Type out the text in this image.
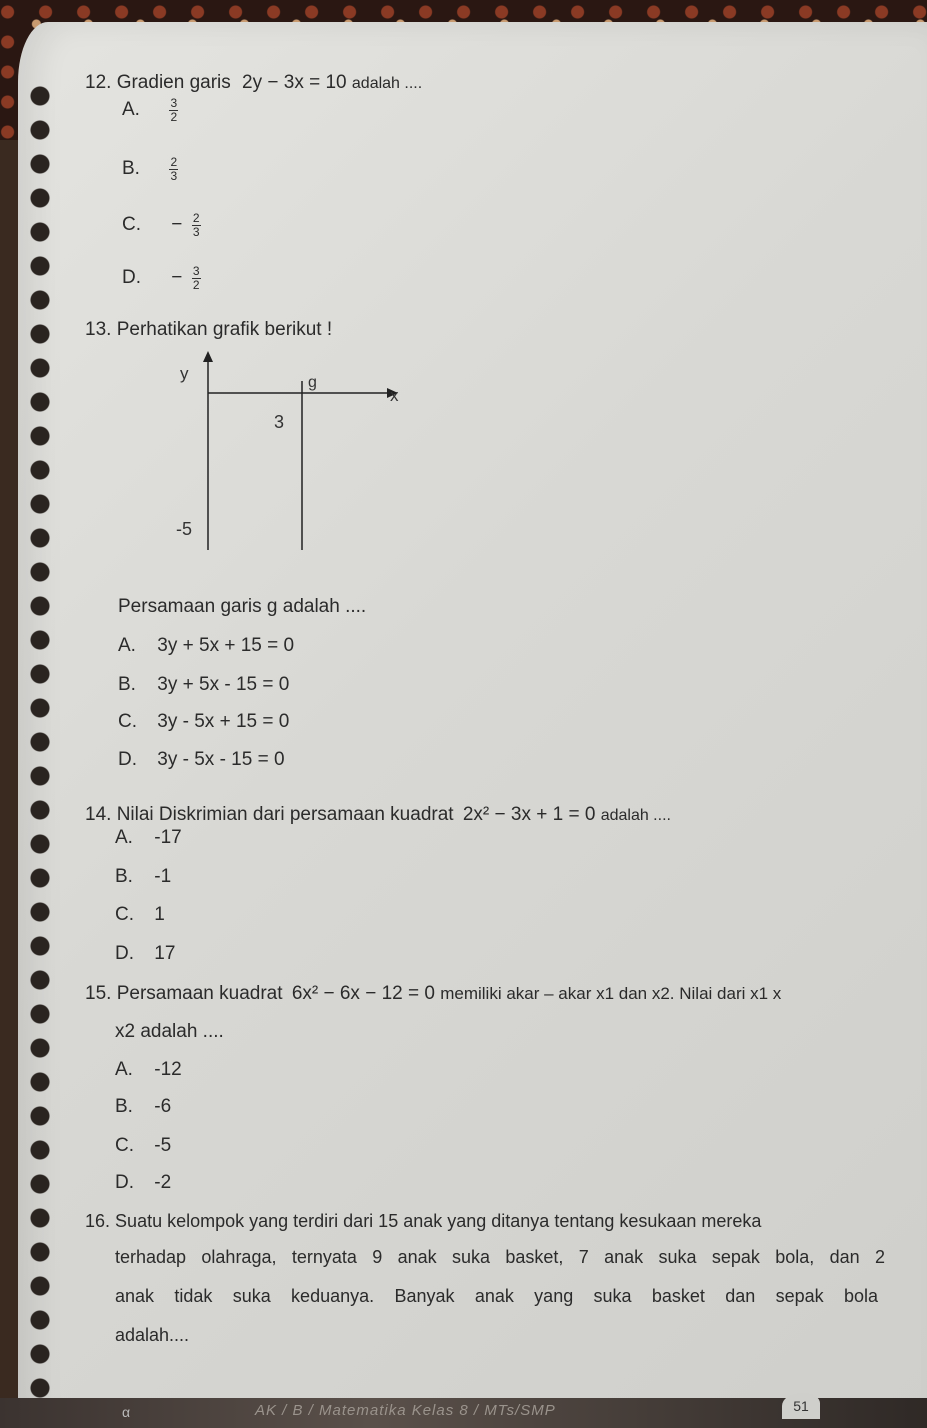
12. Gradien garis 2y − 3x = 10 adalah ....
A. $\frac{3}{2}$
B. $\frac{2}{3}$
C. − $\frac{2}{3}$
D. − $\frac{3}{2}$
13. Perhatikan grafik berikut !
y
x
g
3
-5
Persamaan garis g adalah ....
A. 3y + 5x + 15 = 0
B. 3y + 5x - 15 = 0
C. 3y - 5x + 15 = 0
D. 3y - 5x - 15 = 0
14. Nilai Diskrimian dari persamaan kuadrat 2x² − 3x + 1 = 0 adalah ....
A. -17
B. -1
C. 1
D. 17
15. Persamaan kuadrat 6x² − 6x − 12 = 0 memiliki akar – akar x1 dan x2. Nilai dari x1 x
x2 adalah ....
A. -12
B. -6
C. -5
D. -2
16. Suatu kelompok yang terdiri dari 15 anak yang ditanya tentang kesukaan mereka
terhadap olahraga, ternyata 9 anak suka basket, 7 anak suka sepak bola, dan 2
anak tidak suka keduanya. Banyak anak yang suka basket dan sepak bola
adalah....
α	AK / B / Matematika Kelas 8 / MTs/SMP	51
